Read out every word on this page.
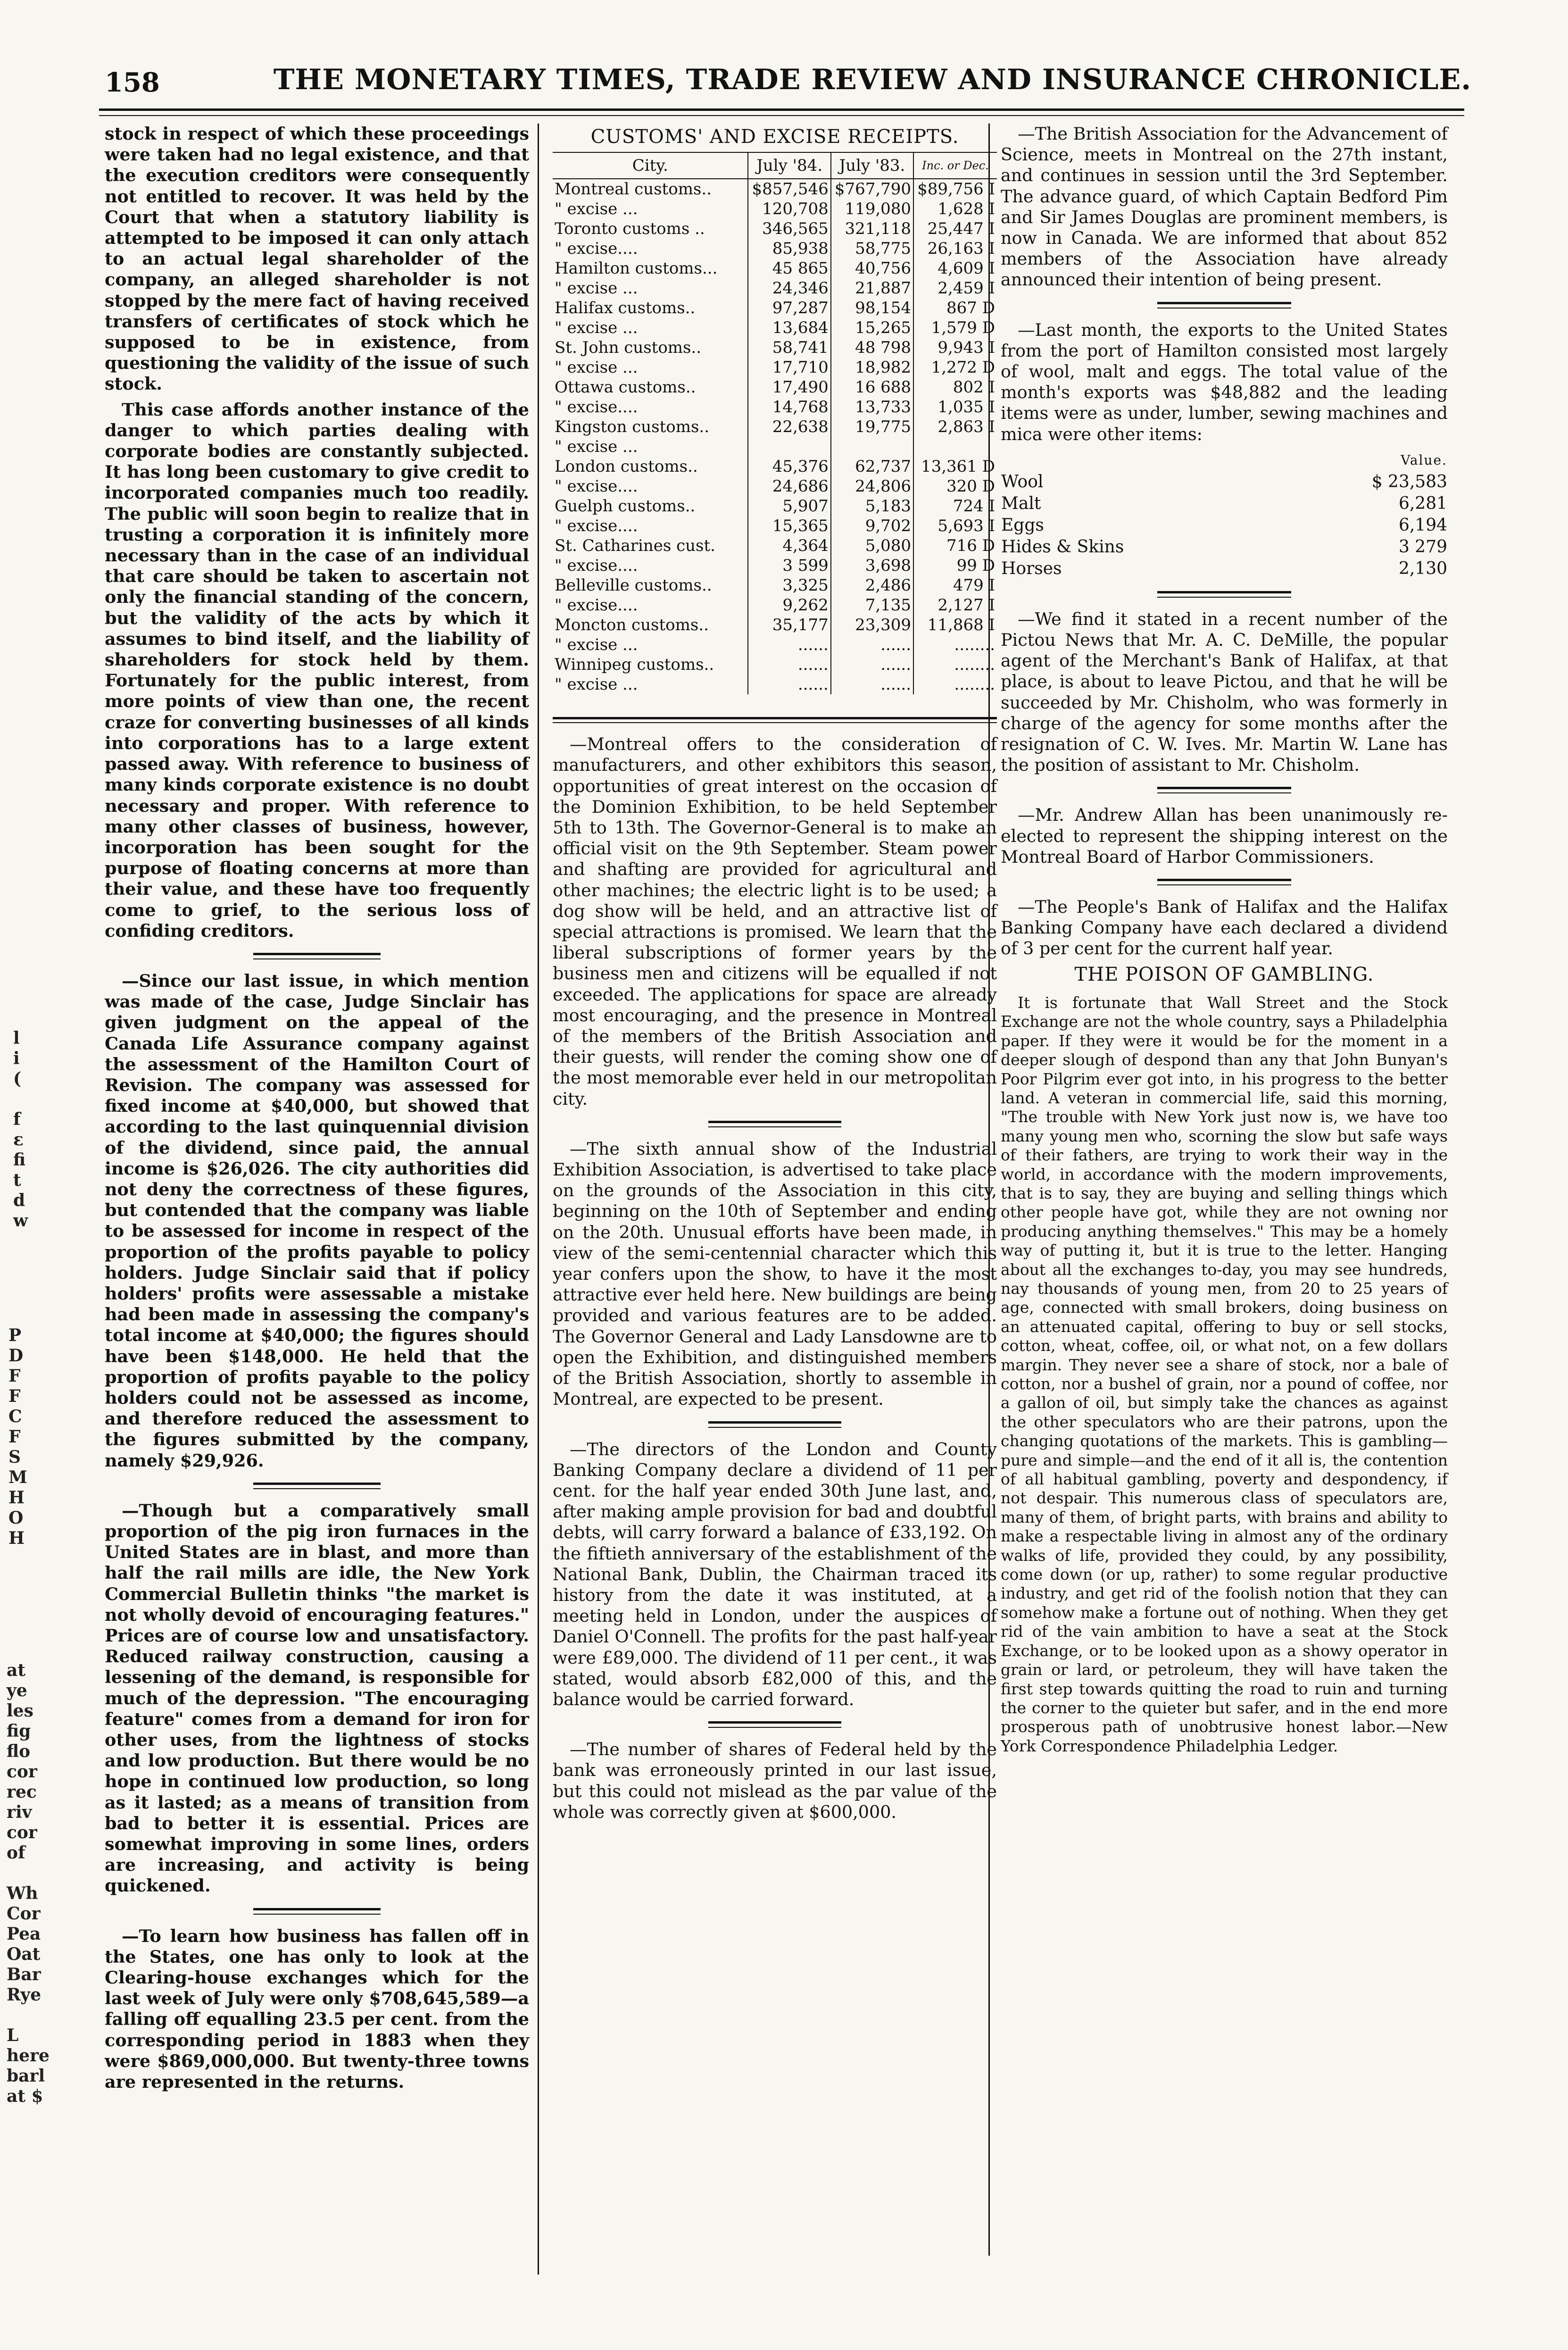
158	THE MONETARY TIMES, TRADE REVIEW AND INSURANCE CHRONICLE.
l
i
(

f
ε
fi
t
d
w
P
D
F
F
C
F
S
M
H
O
H
at
ye
les
fig
flo
cor
rec
riv
cor
of

Wh
Cor
Pea
Oat
Bar
Rye

L
here
barl
at $

stock in respect of which these proceedings were taken had no legal existence, and that the execution creditors were consequently not entitled to recover. It was held by the Court that when a statutory liability is attempted to be imposed it can only attach to an actual legal shareholder of the company, an alleged shareholder is not stopped by the mere fact of having received transfers of certificates of stock which he supposed to be in existence, from questioning the validity of the issue of such stock.

This case affords another instance of the danger to which parties dealing with corporate bodies are constantly subjected. It has long been customary to give credit to incorporated companies much too readily. The public will soon begin to realize that in trusting a corporation it is infinitely more necessary than in the case of an individual that care should be taken to ascertain not only the financial standing of the concern, but the validity of the acts by which it assumes to bind itself, and the liability of shareholders for stock held by them. Fortunately for the public interest, from more points of view than one, the recent craze for converting businesses of all kinds into corporations has to a large extent passed away. With reference to business of many kinds corporate existence is no doubt necessary and proper. With reference to many other classes of business, however, incorporation has been sought for the purpose of floating concerns at more than their value, and these have too frequently come to grief, to the serious loss of confiding creditors.

—Since our last issue, in which mention was made of the case, Judge Sinclair has given judgment on the appeal of the Canada Life Assurance company against the assessment of the Hamilton Court of Revision. The company was assessed for fixed income at $40,000, but showed that according to the last quinquennial division of the dividend, since paid, the annual income is $26,026. The city authorities did not deny the correctness of these figures, but contended that the company was liable to be assessed for income in respect of the proportion of the profits payable to policy holders. Judge Sinclair said that if policy holders' profits were assessable a mistake had been made in assessing the company's total income at $40,000; the figures should have been $148,000. He held that the proportion of profits payable to the policy holders could not be assessed as income, and therefore reduced the assessment to the figures submitted by the company, namely $29,926.

—Though but a comparatively small proportion of the pig iron furnaces in the United States are in blast, and more than half the rail mills are idle, the New York Commercial Bulletin thinks "the market is not wholly devoid of encouraging features." Prices are of course low and unsatisfactory. Reduced railway construction, causing a lessening of the demand, is responsible for much of the depression. "The encouraging feature" comes from a demand for iron for other uses, from the lightness of stocks and low production. But there would be no hope in continued low production, so long as it lasted; as a means of transition from bad to better it is essential. Prices are somewhat improving in some lines, orders are increasing, and activity is being quickened.

—To learn how business has fallen off in the States, one has only to look at the Clearing-house exchanges which for the last week of July were only $708,645,589—a falling off equalling 23.5 per cent. from the corresponding period in 1883 when they were $869,000,000. But twenty-three towns are represented in the returns.

CUSTOMS' AND EXCISE RECEIPTS.
City.	July '84.	July '83.	Inc. or Dec.
Montreal customs..	$857,546	$767,790	$89,756 I
" excise ...	120,708	119,080	1,628 I
Toronto customs ..	346,565	321,118	25,447 I
" excise....	85,938	58,775	26,163 I
Hamilton customs...	45 865	40,756	4,609 I
" excise ...	24,346	21,887	2,459 I
Halifax customs..	97,287	98,154	867 D
" excise ...	13,684	15,265	1,579 D
St. John customs..	58,741	48 798	9,943 I
" excise ...	17,710	18,982	1,272 D
Ottawa customs..	17,490	16 688	802 I
" excise....	14,768	13,733	1,035 I
Kingston customs..	22,638	19,775	2,863 I
" excise ...			
London customs..	45,376	62,737	13,361 D
" excise....	24,686	24,806	320 D
Guelph customs..	5,907	5,183	724 I
" excise....	15,365	9,702	5,693 I
St. Catharines cust.	4,364	5,080	716 D
" excise....	3 599	3,698	99 D
Belleville customs..	3,325	2,486	479 I
" excise....	9,262	7,135	2,127 I
Moncton customs..	35,177	23,309	11,868 I
" excise ...	......	......	........
Winnipeg customs..	......	......	........
" excise ...	......	......	........

—Montreal offers to the consideration of manufacturers, and other exhibitors this season, opportunities of great interest on the occasion of the Dominion Exhibition, to be held September 5th to 13th. The Governor-General is to make an official visit on the 9th September. Steam power and shafting are provided for agricultural and other machines; the electric light is to be used; a dog show will be held, and an attractive list of special attractions is promised. We learn that the liberal subscriptions of former years by the business men and citizens will be equalled if not exceeded. The applications for space are already most encouraging, and the presence in Montreal of the members of the British Association and their guests, will render the coming show one of the most memorable ever held in our metropolitan city.

—The sixth annual show of the Industrial Exhibition Association, is advertised to take place on the grounds of the Association in this city, beginning on the 10th of September and ending on the 20th. Unusual efforts have been made, in view of the semi-centennial character which this year confers upon the show, to have it the most attractive ever held here. New buildings are being provided and various features are to be added. The Governor General and Lady Lansdowne are to open the Exhibition, and distinguished members of the British Association, shortly to assemble in Montreal, are expected to be present.

—The directors of the London and County Banking Company declare a dividend of 11 per cent. for the half year ended 30th June last, and, after making ample provision for bad and doubtful debts, will carry forward a balance of £33,192. On the fiftieth anniversary of the establishment of the National Bank, Dublin, the Chairman traced its history from the date it was instituted, at a meeting held in London, under the auspices of Daniel O'Connell. The profits for the past half-year were £89,000. The dividend of 11 per cent., it was stated, would absorb £82,000 of this, and the balance would be carried forward.

—The number of shares of Federal held by the bank was erroneously printed in our last issue, but this could not mislead as the par value of the whole was correctly given at $600,000.

—The British Association for the Advancement of Science, meets in Montreal on the 27th instant, and continues in session until the 3rd September. The advance guard, of which Captain Bedford Pim and Sir James Douglas are prominent members, is now in Canada. We are informed that about 852 members of the Association have already announced their intention of being present.

—Last month, the exports to the United States from the port of Hamilton consisted most largely of wool, malt and eggs. The total value of the month's exports was $48,882 and the leading items were as under, lumber, sewing machines and mica were other items:

	Value.
Wool	$ 23,583
Malt	6,281
Eggs	6,194
Hides & Skins	3 279
Horses	2,130

—We find it stated in a recent number of the Pictou News that Mr. A. C. DeMille, the popular agent of the Merchant's Bank of Halifax, at that place, is about to leave Pictou, and that he will be succeeded by Mr. Chisholm, who was formerly in charge of the agency for some months after the resignation of C. W. Ives. Mr. Martin W. Lane has the position of assistant to Mr. Chisholm.

—Mr. Andrew Allan has been unanimously re-elected to represent the shipping interest on the Montreal Board of Harbor Commissioners.

—The People's Bank of Halifax and the Halifax Banking Company have each declared a dividend of 3 per cent for the current half year.

THE POISON OF GAMBLING.

It is fortunate that Wall Street and the Stock Exchange are not the whole country, says a Philadelphia paper. If they were it would be for the moment in a deeper slough of despond than any that John Bunyan's Poor Pilgrim ever got into, in his progress to the better land. A veteran in commercial life, said this morning, "The trouble with New York just now is, we have too many young men who, scorning the slow but safe ways of their fathers, are trying to work their way in the world, in accordance with the modern improvements, that is to say, they are buying and selling things which other people have got, while they are not owning nor producing anything themselves." This may be a homely way of putting it, but it is true to the letter. Hanging about all the exchanges to-day, you may see hundreds, nay thousands of young men, from 20 to 25 years of age, connected with small brokers, doing business on an attenuated capital, offering to buy or sell stocks, cotton, wheat, coffee, oil, or what not, on a few dollars margin. They never see a share of stock, nor a bale of cotton, nor a bushel of grain, nor a pound of coffee, nor a gallon of oil, but simply take the chances as against the other speculators who are their patrons, upon the changing quotations of the markets. This is gambling—pure and simple—and the end of it all is, the contention of all habitual gambling, poverty and despondency, if not despair. This numerous class of speculators are, many of them, of bright parts, with brains and ability to make a respectable living in almost any of the ordinary walks of life, provided they could, by any possibility, come down (or up, rather) to some regular productive industry, and get rid of the foolish notion that they can somehow make a fortune out of nothing. When they get rid of the vain ambition to have a seat at the Stock Exchange, or to be looked upon as a showy operator in grain or lard, or petroleum, they will have taken the first step towards quitting the road to ruin and turning the corner to the quieter but safer, and in the end more prosperous path of unobtrusive honest labor.—New York Correspondence Philadelphia Ledger.
